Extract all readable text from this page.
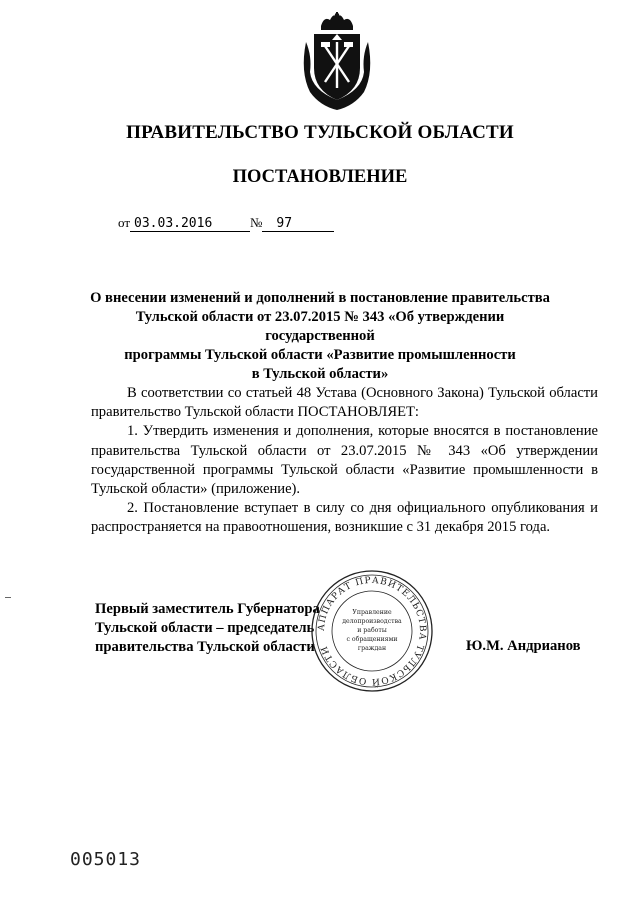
ПРАВИТЕЛЬСТВО ТУЛЬСКОЙ ОБЛАСТИ
ПОСТАНОВЛЕНИЕ
от 03.03.2016	№ 97
О внесении изменений и дополнений в постановление правительства
Тульской области от 23.07.2015 № 343 «Об утверждении государственной
программы Тульской области «Развитие промышленности
в Тульской области»

В соответствии со статьей 48 Устава (Основного Закона) Тульской области правительство Тульской области ПОСТАНОВЛЯЕТ:

1. Утвердить изменения и дополнения, которые вносятся в постановление правительства Тульской области от 23.07.2015 № 343 «Об утверждении государственной программы Тульской области «Развитие промышленности в Тульской области» (приложение).

2. Постановление вступает в силу со дня официального опубликования и распространяется на правоотношения, возникшие с 31 декабря 2015 года.

Первый заместитель Губернатора
Тульской области – председатель
правительства Тульской области
АППАРАТ ПРАВИТЕЛЬСТВА ТУЛЬСКОЙ ОБЛАСТИ
Управление
делопроизводства
и работы
с обращениями
граждан	Ю.М. Андрианов
005013
